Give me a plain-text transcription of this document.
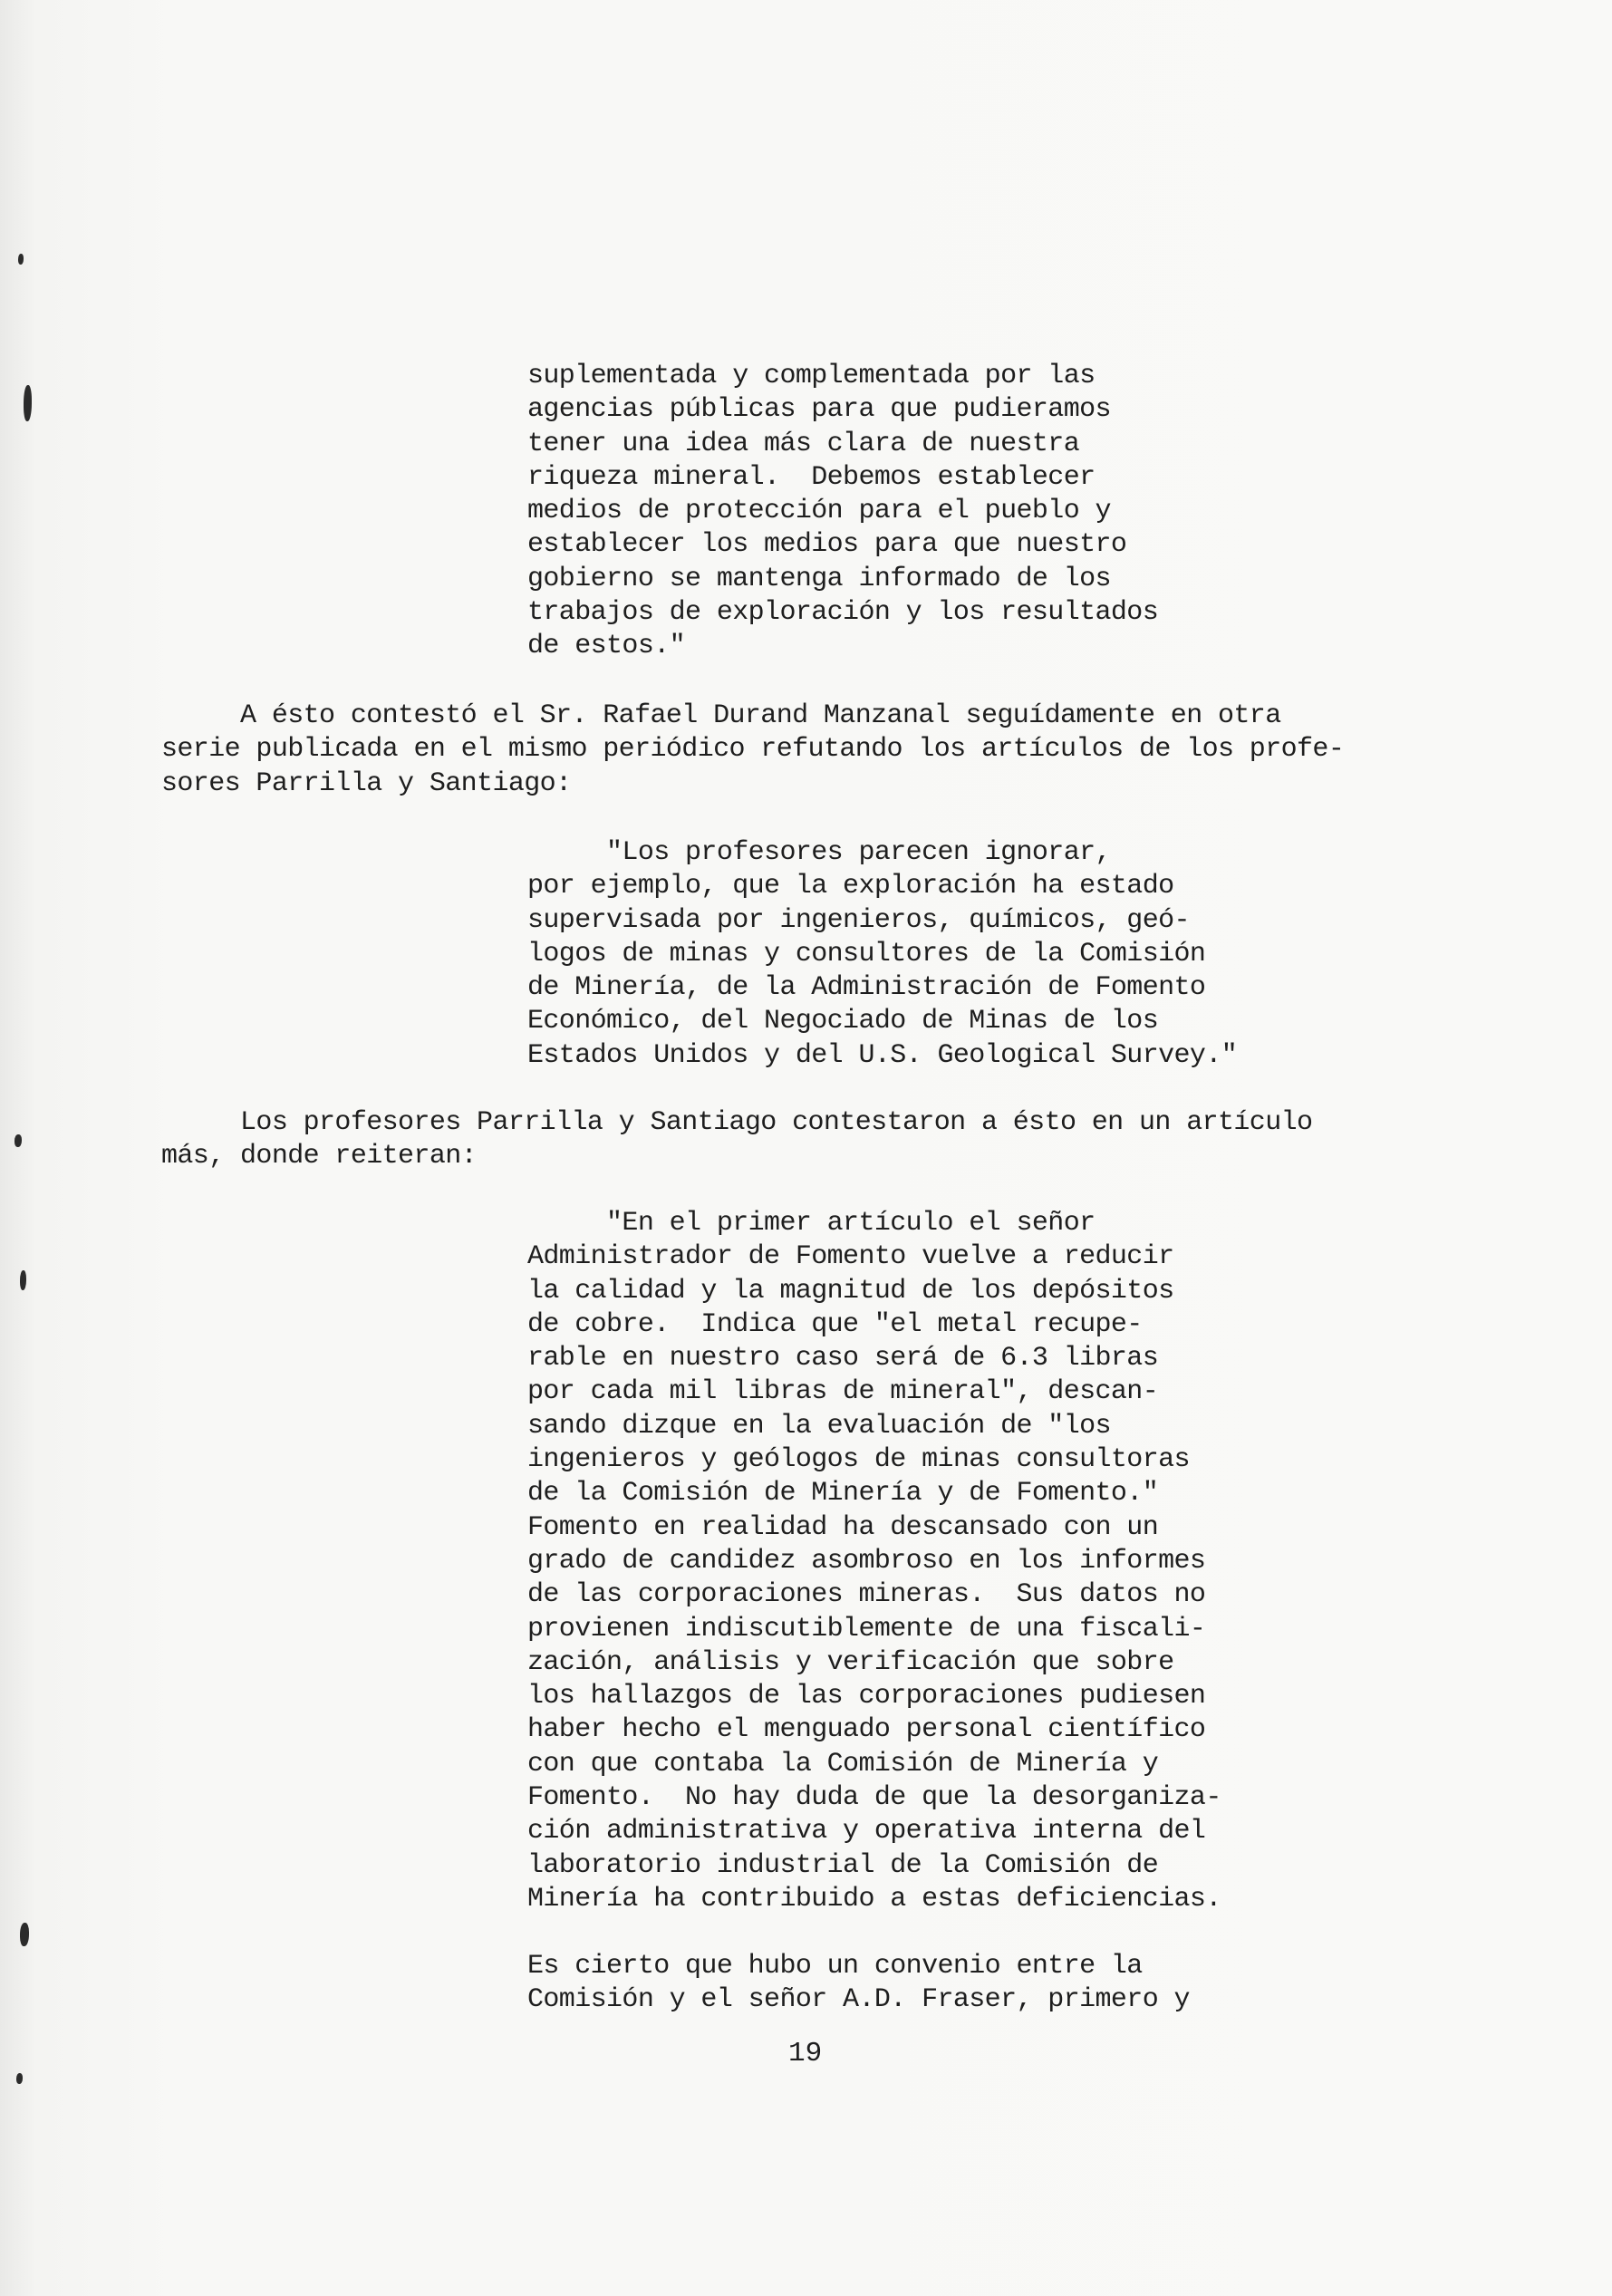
suplementada y complementada por las
agencias públicas para que pudieramos
tener una idea más clara de nuestra
riqueza mineral.  Debemos establecer
medios de protección para el pueblo y
establecer los medios para que nuestro
gobierno se mantenga informado de los
trabajos de exploración y los resultados
de estos."
A ésto contestó el Sr. Rafael Durand Manzanal seguídamente en otra
serie publicada en el mismo periódico refutando los artículos de los profe-
sores Parrilla y Santiago:
"Los profesores parecen ignorar,
por ejemplo, que la exploración ha estado
supervisada por ingenieros, químicos, geó-
logos de minas y consultores de la Comisión
de Minería, de la Administración de Fomento
Económico, del Negociado de Minas de los
Estados Unidos y del U.S. Geological Survey."
Los profesores Parrilla y Santiago contestaron a ésto en un artículo
más, donde reiteran:
"En el primer artículo el señor
Administrador de Fomento vuelve a reducir
la calidad y la magnitud de los depósitos
de cobre.  Indica que "el metal recupe-
rable en nuestro caso será de 6.3 libras
por cada mil libras de mineral", descan-
sando dizque en la evaluación de "los
ingenieros y geólogos de minas consultoras
de la Comisión de Minería y de Fomento."
Fomento en realidad ha descansado con un
grado de candidez asombroso en los informes
de las corporaciones mineras.  Sus datos no
provienen indiscutiblemente de una fiscali-
zación, análisis y verificación que sobre
los hallazgos de las corporaciones pudiesen
haber hecho el menguado personal científico
con que contaba la Comisión de Minería y
Fomento.  No hay duda de que la desorganiza-
ción administrativa y operativa interna del
laboratorio industrial de la Comisión de
Minería ha contribuido a estas deficiencias.
Es cierto que hubo un convenio entre la
Comisión y el señor A.D. Fraser, primero y
19
